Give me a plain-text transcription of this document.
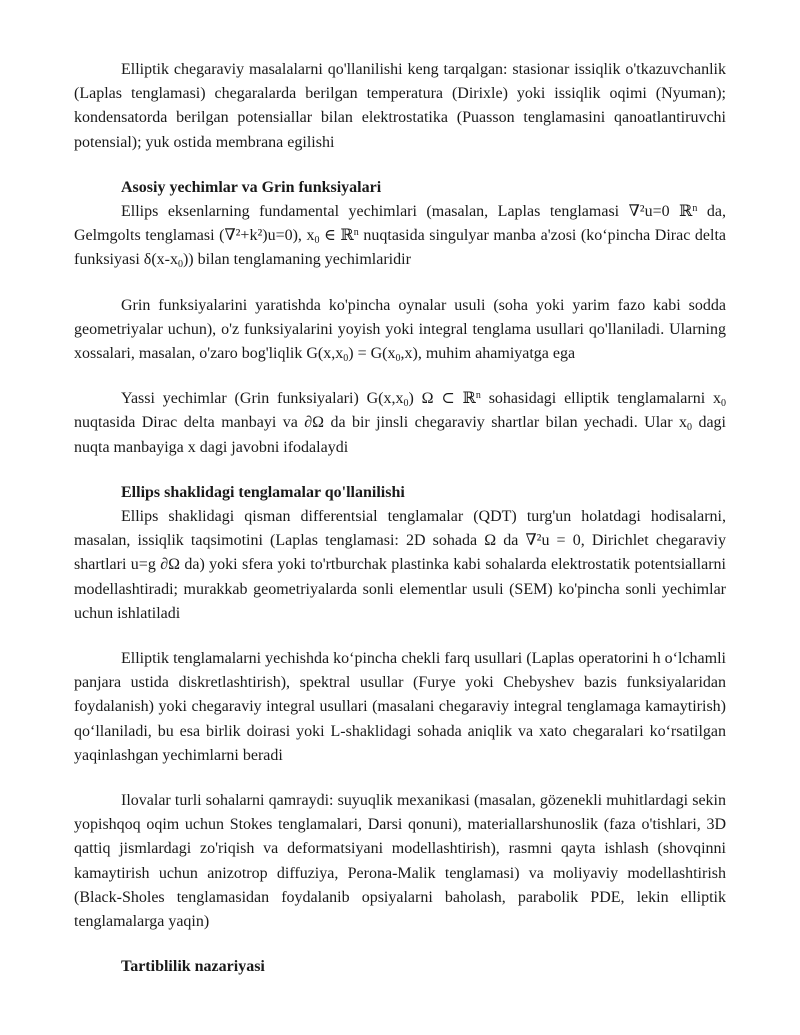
Elliptik chegaraviy masalalarni qo'llanilishi keng tarqalgan: stasionar issiqlik o'tkazuvchanlik (Laplas tenglamasi) chegaralarda berilgan temperatura (Dirixle) yoki issiqlik oqimi (Nyuman); kondensatorda berilgan potensiallar bilan elektrostatika (Puasson tenglamasini qanoatlantiruvchi potensial); yuk ostida membrana egilishi

Asosiy yechimlar va Grin funksiyalari

Ellips eksenlarning fundamental yechimlari (masalan, Laplas tenglamasi ∇²u=0 ℝ$^n$ da, Gelmgolts tenglamasi (∇²+k²)u=0), $x_0$ ∈ ℝ$^n$ nuqtasida singulyar manba a'zosi (ko‘pincha Dirac delta funksiyasi $\delta(x-x_0)$) bilan tenglamaning yechimlaridir

Grin funksiyalarini yaratishda ko'pincha oynalar usuli (soha yoki yarim fazo kabi sodda geometriyalar uchun), o'z funksiyalarini yoyish yoki integral tenglama usullari qo'llaniladi. Ularning xossalari, masalan, o'zaro bog'liqlik $G(x,x_0) = G(x_0,x)$, muhim ahamiyatga ega

Yassi yechimlar (Grin funksiyalari) $G(x,x_0)$ Ω ⊂ ℝ$^n$ sohasidagi elliptik tenglamalarni $x_0$ nuqtasida Dirac delta manbayi va ∂Ω da bir jinsli chegaraviy shartlar bilan yechadi. Ular $x_0$ dagi nuqta manbayiga x dagi javobni ifodalaydi

Ellips shaklidagi tenglamalar qo'llanilishi

Ellips shaklidagi qisman differentsial tenglamalar (QDT) turg'un holatdagi hodisalarni, masalan, issiqlik taqsimotini (Laplas tenglamasi: 2D sohada Ω da ∇²u = 0, Dirichlet chegaraviy shartlari u=g ∂Ω da) yoki sfera yoki to'rtburchak plastinka kabi sohalarda elektrostatik potentsiallarni modellashtiradi; murakkab geometriyalarda sonli elementlar usuli (SEM) ko'pincha sonli yechimlar uchun ishlatiladi

Elliptik tenglamalarni yechishda ko‘pincha chekli farq usullari (Laplas operatorini h o‘lchamli panjara ustida diskretlashtirish), spektral usullar (Furye yoki Chebyshev bazis funksiyalaridan foydalanish) yoki chegaraviy integral usullari (masalani chegaraviy integral tenglamaga kamaytirish) qo‘llaniladi, bu esa birlik doirasi yoki L-shaklidagi sohada aniqlik va xato chegaralari ko‘rsatilgan yaqinlashgan yechimlarni beradi

Ilovalar turli sohalarni qamraydi: suyuqlik mexanikasi (masalan, gözenekli muhitlardagi sekin yopishqoq oqim uchun Stokes tenglamalari, Darsi qonuni), materiallarshunoslik (faza o'tishlari, 3D qattiq jismlardagi zo'riqish va deformatsiyani modellashtirish), rasmni qayta ishlash (shovqinni kamaytirish uchun anizotrop diffuziya, Perona-Malik tenglamasi) va moliyaviy modellashtirish (Black-Sholes tenglamasidan foydalanib opsiyalarni baholash, parabolik PDE, lekin elliptik tenglamalarga yaqin)

Tartiblilik nazariyasi
